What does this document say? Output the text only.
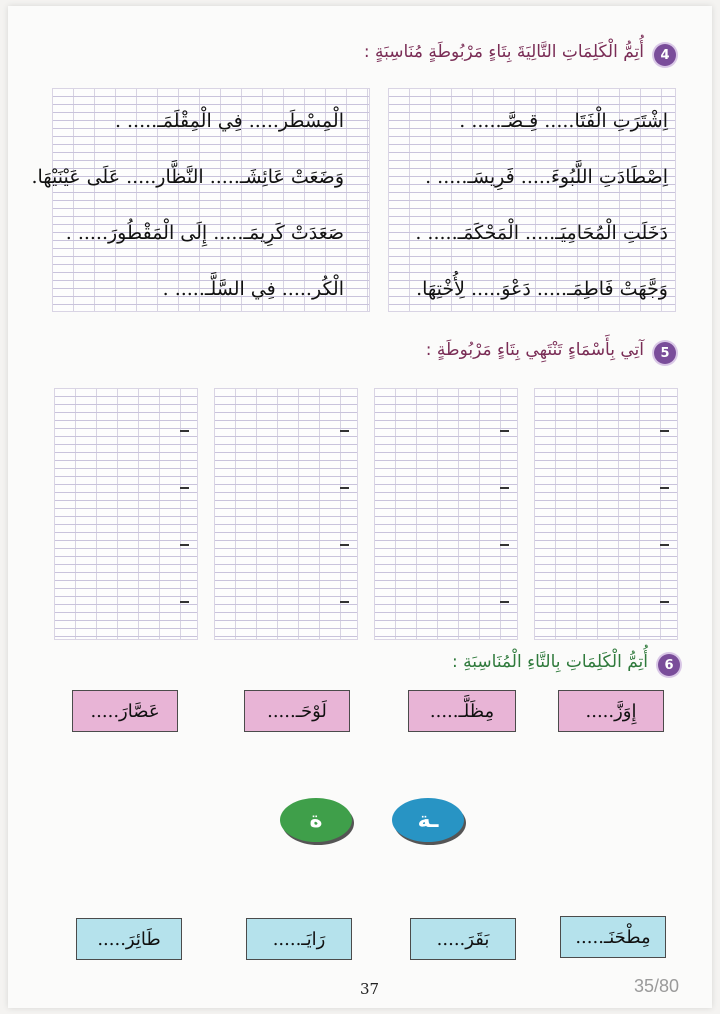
4
أُتِمُّ الْكَلِمَاتِ التَّالِيَةَ بِتَاءٍ مَرْبُوطَةٍ مُنَاسِبَةٍ :
اِشْتَرَتِ الْفَتَا..... قِـصَّـ..... .
اِصْطَادَتِ اللَّبُوءَ..... فَرِيسَـ..... .
دَخَلَتِ الْمُحَامِيَـ..... الْمَحْكَمَـ..... .
وَجَّهَتْ فَاطِمَـ..... دَعْوَ..... لِأُخْتِهَا.
الْمِسْطَر..... فِي الْمِقْلَمَـ..... .
وَضَعَتْ عَائِشَـ..... النَّظَّار..... عَلَى عَيْنَيْهَا.
صَعَدَتْ كَرِيمَـ..... إِلَى الْمَقْطُورَ..... .
الْكُر..... فِي السَّلَّـ..... .
5
آتِي بِأَسْمَاءٍ تَنْتَهِي بِتَاءٍ مَرْبُوطَةٍ :
6
أُتِمُّ الْكَلِمَاتِ بِالتَّاءِ الْمُنَاسِبَةِ :
إِوَزَّ.....
مِظَلَّـ.....
لَوْحَـ.....
عَصَّارَ.....
ة	ـة
مِطْحَنَـ.....
بَقَرَ.....
رَايَـ.....
طَائِرَ.....
37	35/80
